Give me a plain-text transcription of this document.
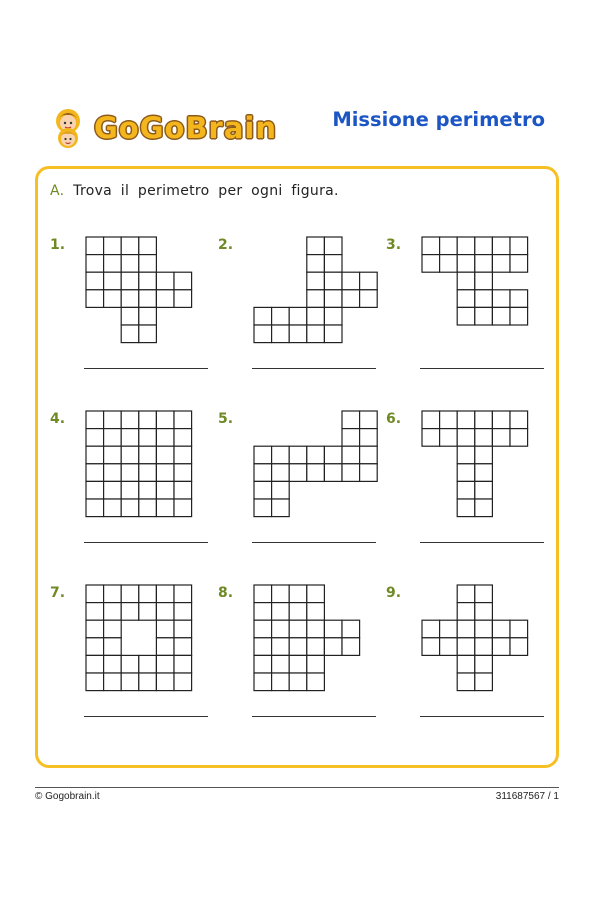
GoGoBrain	Missione perimetro
A. Trova il perimetro per ogni figura.
1.	2.	3.
4.	5.	6.
7.	8.	9.
© Gogobrain.it	311687567 / 1
